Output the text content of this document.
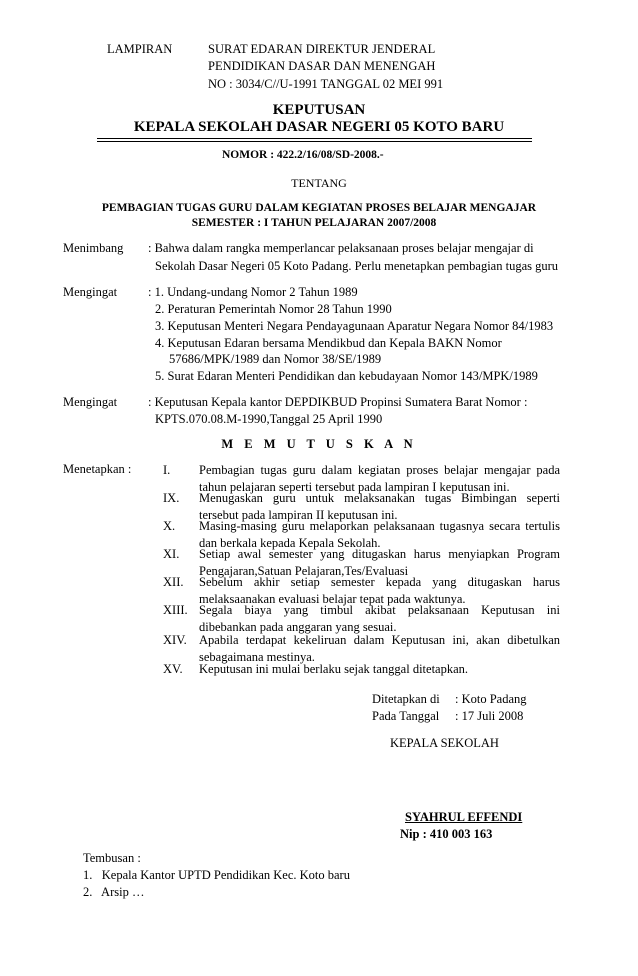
LAMPIRAN	SURAT EDARAN DIREKTUR JENDERAL
PENDIDIKAN DASAR DAN MENENGAH
NO : 3034/C//U-1991 TANGGAL 02 MEI 991
KEPUTUSAN
KEPALA SEKOLAH DASAR NEGERI 05 KOTO BARU
NOMOR : 422.2/16/08/SD-2008.-
TENTANG
PEMBAGIAN TUGAS GURU DALAM KEGIATAN PROSES BELAJAR MENGAJAR
SEMESTER : I TAHUN PELAJARAN 2007/2008
Menimbang : Bahwa dalam rangka memperlancar pelaksanaan proses belajar mengajar di
Sekolah Dasar Negeri 05 Koto Padang. Perlu menetapkan pembagian tugas guru
Mengingat : 1. Undang-undang Nomor 2 Tahun 1989
2. Peraturan Pemerintah Nomor 28 Tahun 1990
3. Keputusan Menteri Negara Pendayagunaan Aparatur Negara Nomor 84/1983
4. Keputusan Edaran bersama Mendikbud dan Kepala BAKN Nomor
57686/MPK/1989 dan Nomor 38/SE/1989
5. Surat Edaran Menteri Pendidikan dan kebudayaan Nomor 143/MPK/1989
Mengingat : Keputusan Kepala kantor DEPDIKBUD Propinsi Sumatera Barat Nomor :
KPTS.070.08.M-1990,Tanggal 25 April 1990
M E M U T U S K A N
Menetapkan :	I.	Pembagian tugas guru dalam kegiatan proses belajar mengajar pada
tahun pelajaran seperti tersebut pada lampiran I keputusan ini.
IX.	Menugaskan guru untuk melaksanakan tugas Bimbingan seperti
tersebut pada lampiran II keputusan ini.
X.	Masing-masing guru melaporkan pelaksanaan tugasnya secara tertulis
dan berkala kepada Kepala Sekolah.
XI.	Setiap awal semester yang ditugaskan harus menyiapkan Program
Pengajaran,Satuan Pelajaran,Tes/Evaluasi
XII.	Sebelum akhir setiap semester kepada yang ditugaskan harus
melaksaanakan evaluasi belajar tepat pada waktunya.
XIII. Segala biaya yang timbul akibat pelaksanaan Keputusan ini
dibebankan pada anggaran yang sesuai.
XIV. Apabila terdapat kekeliruan dalam Keputusan ini, akan dibetulkan
sebagaimana mestinya.
XV.	Keputusan ini mulai berlaku sejak tanggal ditetapkan.
Ditetapkan di : Koto Padang
Pada Tanggal : 17 Juli 2008
KEPALA SEKOLAH
SYAHRUL EFFENDI
Nip : 410 003 163
Tembusan :
1.   Kepala Kantor UPTD Pendidikan Kec. Koto baru
2.   Arsip …
